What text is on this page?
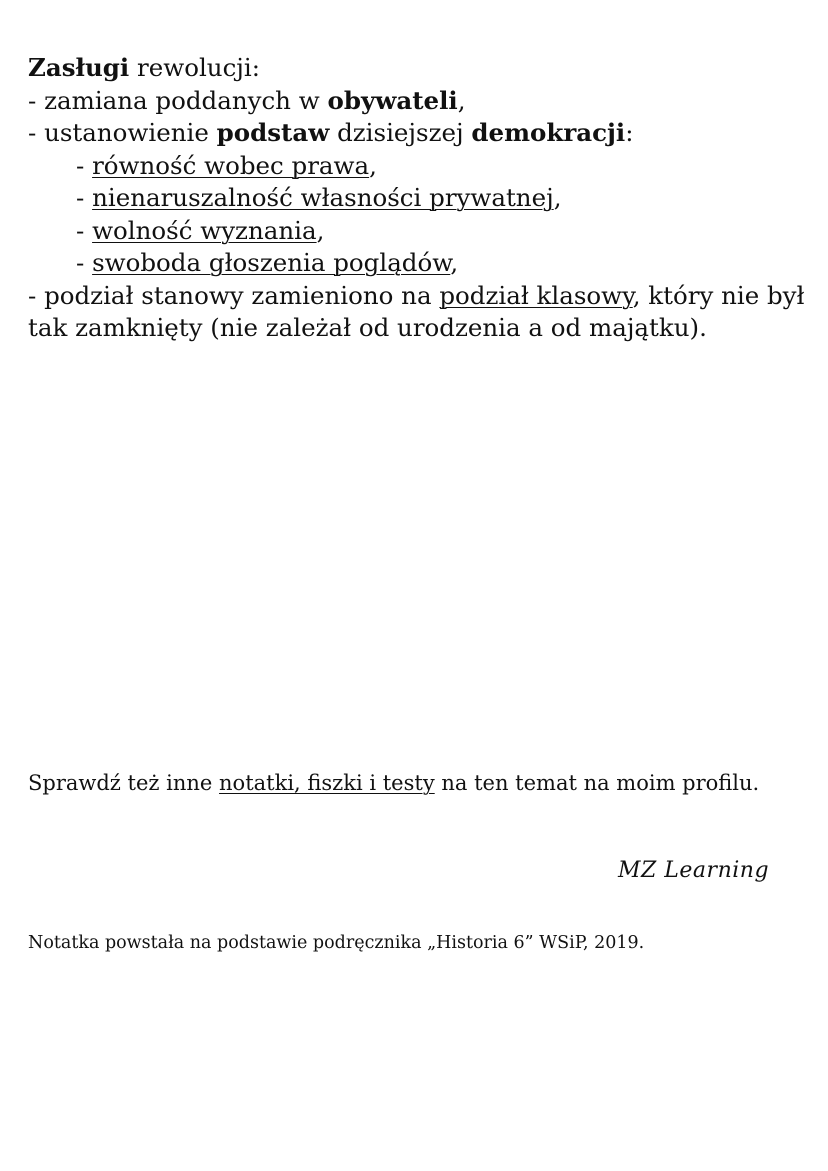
Zasługi rewolucji:
- zamiana poddanych w obywateli,
- ustanowienie podstaw dzisiejszej demokracji:
- równość wobec prawa,
- nienaruszalność własności prywatnej,
- wolność wyznania,
- swoboda głoszenia poglądów,
- podział stanowy zamieniono na podział klasowy, który nie był tak zamknięty (nie zależał od urodzenia a od majątku).
Sprawdź też inne notatki, fiszki i testy na ten temat na moim profilu.
MZ Learning
Notatka powstała na podstawie podręcznika „Historia 6” WSiP, 2019.
